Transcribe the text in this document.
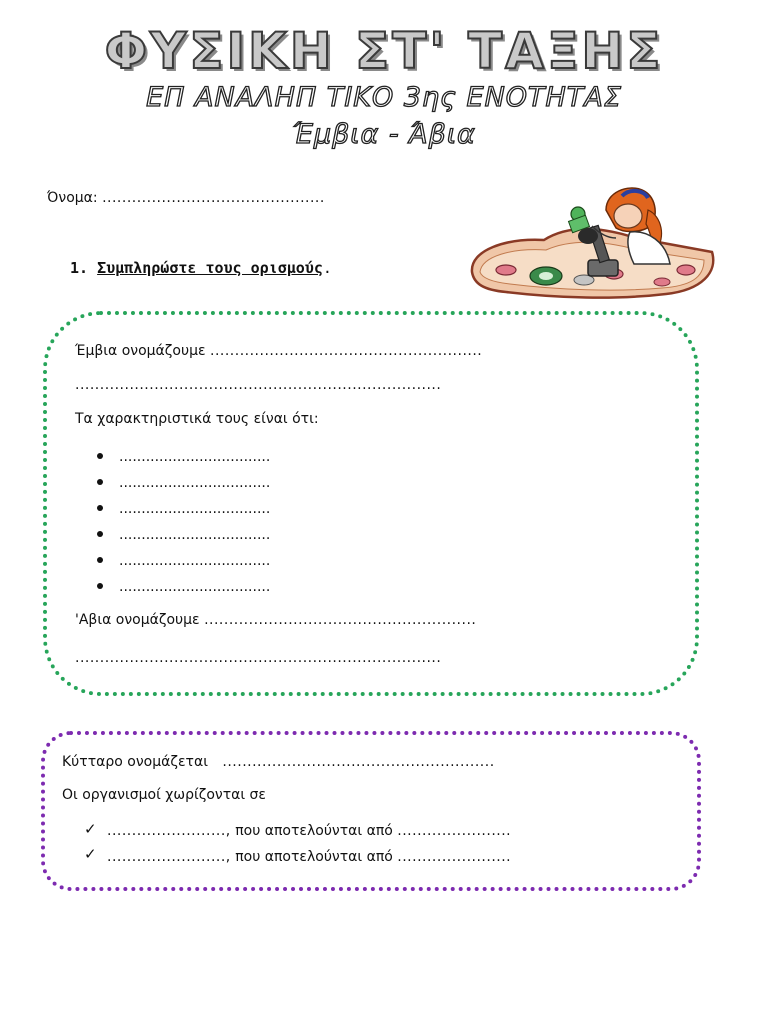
ΦΥΣΙΚΗ ΣΤ' ΤΑΞΗΣ
ΕΠ ΑΝΑΛΗΠ ΤΙΚΟ 3ης ΕΝΟΤΗΤΑΣ
Έμβια - Άβια
Όνομα: .............................................
1. Συμπληρώστε τους ορισμούς.
Έμβια ονομάζουμε .......................................................
..........................................................................
Τα χαρακτηριστικά τους είναι ότι:
..................................
..................................
..................................
..................................
..................................
..................................
'Αβια ονομάζουμε .......................................................
..........................................................................
Κύτταρο ονομάζεται .......................................................
Οι οργανισμοί χωρίζονται σε
✓ ........................, που αποτελούνται από .......................
✓ ........................, που αποτελούνται από .......................
